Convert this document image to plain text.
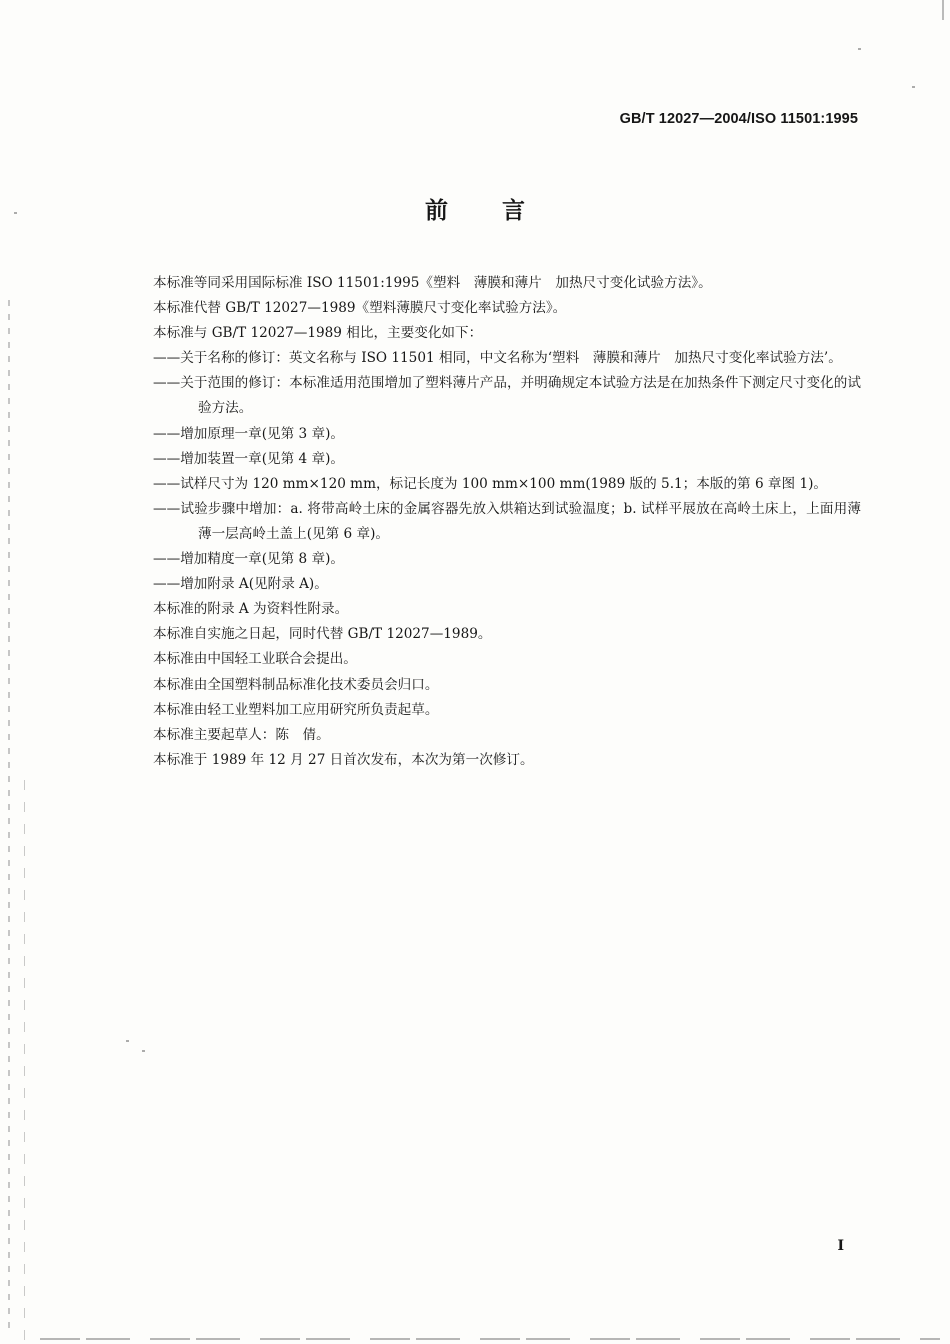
GB/T 12027—2004/ISO 11501:1995
前言

本标准等同采用国际标准 ISO 11501:1995《塑料　薄膜和薄片　加热尺寸变化试验方法》。

本标准代替 GB/T 12027—1989《塑料薄膜尺寸变化率试验方法》。

本标准与 GB/T 12027—1989 相比，主要变化如下：

——关于名称的修订：英文名称与 ISO 11501 相同，中文名称为‘塑料　薄膜和薄片　加热尺寸变化率试验方法’。

——关于范围的修订：本标准适用范围增加了塑料薄片产品，并明确规定本试验方法是在加热条件下测定尺寸变化的试验方法。

——增加原理一章(见第 3 章)。

——增加装置一章(见第 4 章)。

——试样尺寸为 120 mm×120 mm，标记长度为 100 mm×100 mm(1989 版的 5.1；本版的第 6 章图 1)。

——试验步骤中增加：a. 将带高岭土床的金属容器先放入烘箱达到试验温度；b. 试样平展放在高岭土床上，上面用薄薄一层高岭土盖上(见第 6 章)。

——增加精度一章(见第 8 章)。

——增加附录 A(见附录 A)。

本标准的附录 A 为资料性附录。

本标准自实施之日起，同时代替 GB/T 12027—1989。

本标准由中国轻工业联合会提出。

本标准由全国塑料制品标准化技术委员会归口。

本标准由轻工业塑料加工应用研究所负责起草。

本标准主要起草人：陈　倩。

本标准于 1989 年 12 月 27 日首次发布，本次为第一次修订。

I
